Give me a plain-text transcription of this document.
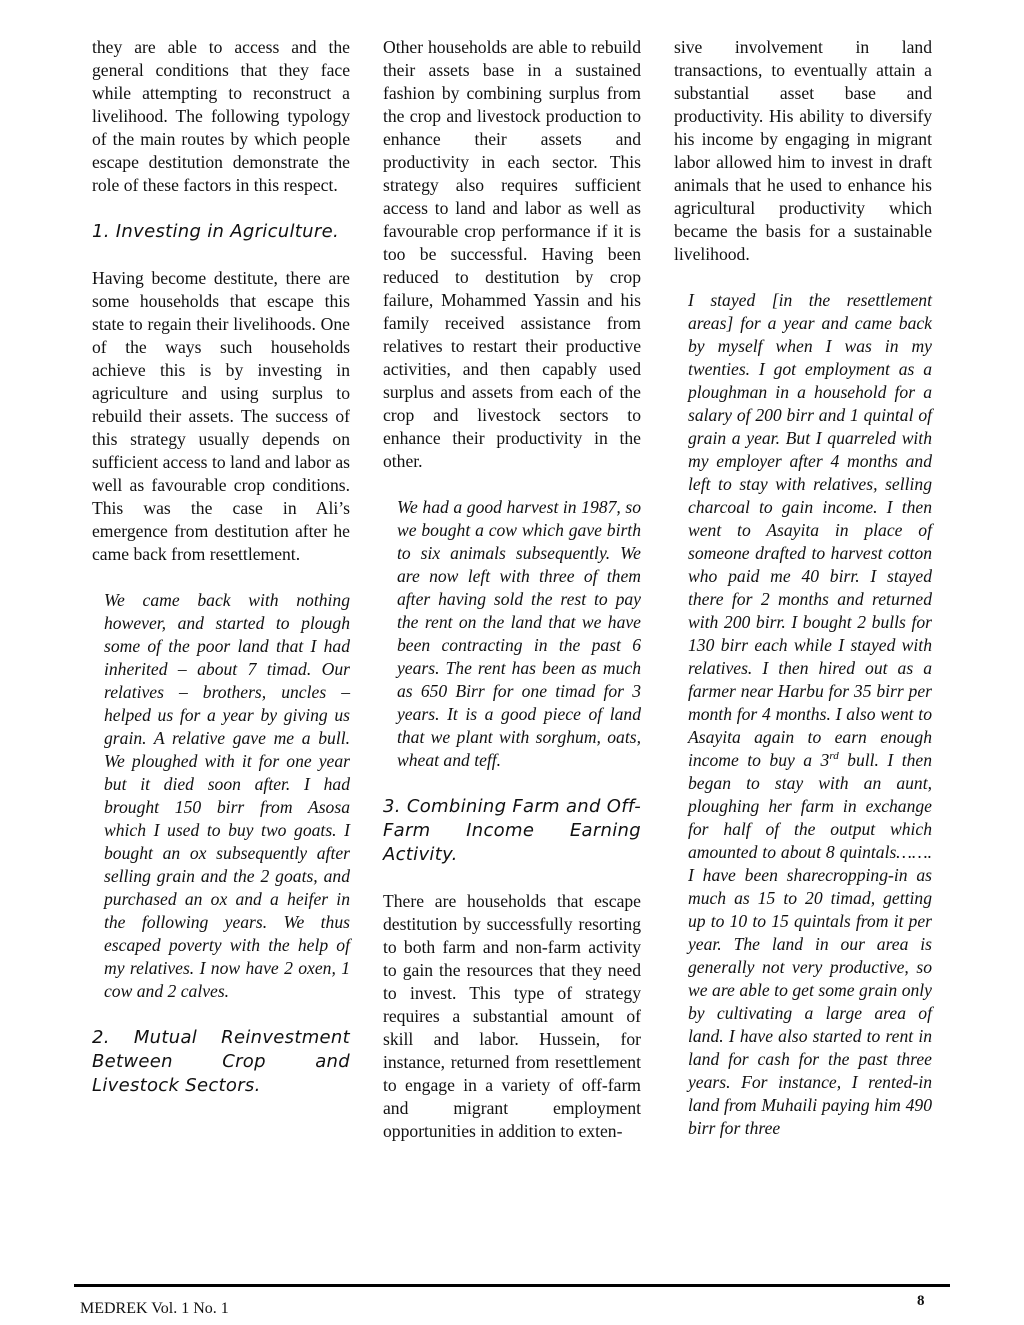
they are able to access and the general conditions that they face while attempting to reconstruct a livelihood. The following typology of the main routes by which people escape destitution demonstrate the role of these factors in this respect.

1. Investing in Agriculture.

Having become destitute, there are some households that escape this state to regain their livelihoods. One of the ways such households achieve this is by investing in agriculture and using surplus to rebuild their assets. The success of this strategy usually depends on sufficient access to land and labor as well as favourable crop conditions. This was the case in Ali’s emergence from destitution after he came back from resettlement.

We came back with nothing however, and started to plough some of the poor land that I had inherited – about 7 timad. Our relatives – brothers, uncles – helped us for a year by giving us grain. A relative gave me a bull. We ploughed with it for one year but it died soon after. I had brought 150 birr from Asosa which I used to buy two goats. I bought an ox subsequently after selling grain and the 2 goats, and purchased an ox and a heifer in the following years. We thus escaped poverty with the help of my relatives. I now have 2 oxen, 1 cow and 2 calves.

2. Mutual Reinvestment Between Crop and Livestock Sectors.

Other households are able to rebuild their assets base in a sustained fashion by combining surplus from the crop and livestock production to enhance their assets and productivity in each sector. This strategy also requires sufficient access to land and labor as well as favourable crop performance if it is too be successful. Having been reduced to destitution by crop failure, Mohammed Yassin and his family received assistance from relatives to restart their productive activities, and then capably used surplus and assets from each of the crop and livestock sectors to enhance their productivity in the other.

We had a good harvest in 1987, so we bought a cow which gave birth to six animals subsequently. We are now left with three of them after having sold the rest to pay the rent on the land that we have been contracting in the past 6 years. The rent has been as much as 650 Birr for one timad for 3 years. It is a good piece of land that we plant with sorghum, oats, wheat and teff.

3. Combining Farm and Off-Farm Income Earning Activity.

There are households that escape destitution by successfully resorting to both farm and non-farm activity to gain the resources that they need to invest. This type of strategy requires a substantial amount of skill and labor. Hussein, for instance, returned from resettlement to engage in a variety of off-farm and migrant employment opportunities in addition to exten-

sive involvement in land transactions, to eventually attain a substantial asset base and productivity. His ability to diversify his income by engaging in migrant labor allowed him to invest in draft animals that he used to enhance his agricultural productivity which became the basis for a sustainable livelihood.

I stayed [in the resettlement areas] for a year and came back by myself when I was in my twenties. I got employment as a ploughman in a household for a salary of 200 birr and 1 quintal of grain a year. But I quarreled with my employer after 4 months and left to stay with relatives, selling charcoal to gain income. I then went to Asayita in place of someone drafted to harvest cotton who paid me 40 birr. I stayed there for 2 months and returned with 200 birr. I bought 2 bulls for 130 birr each while I stayed with relatives. I then hired out as a farmer near Harbu for 35 birr per month for 4 months. I also went to Asayita again to earn enough income to buy a 3rd bull. I then began to stay with an aunt, ploughing her farm in exchange for half of the output which amounted to about 8 quintals……. I have been sharecropping-in as much as 15 to 20 timad, getting up to 10 to 15 quintals from it per year. The land in our area is generally not very productive, so we are able to get some grain only by cultivating a large area of land. I have also started to rent in land for cash for the past three years. For instance, I rented-in land from Muhaili paying him 490 birr for three

MEDREK Vol. 1 No. 1	8
